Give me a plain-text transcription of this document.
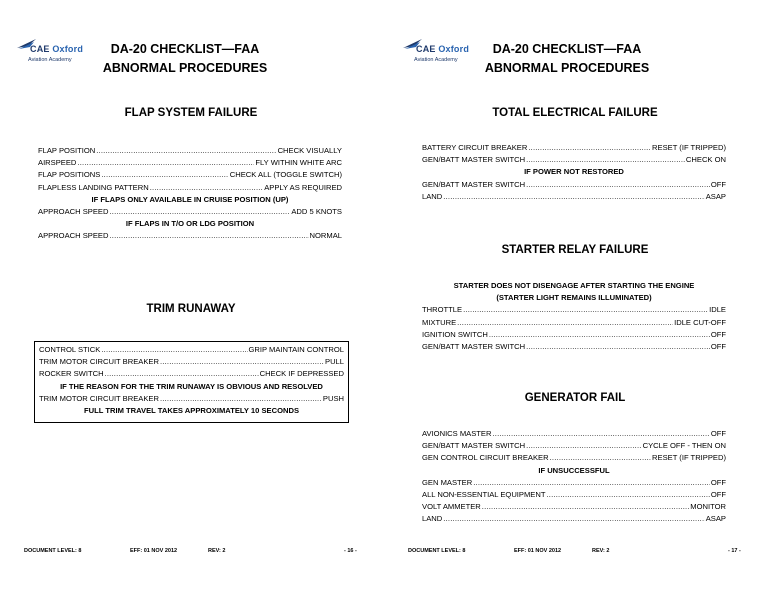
CAE Oxford
Aviation Academy
DA-20 CHECKLIST—FAA
ABNORMAL PROCEDURES
FLAP SYSTEM FAILURE
FLAP POSITION .....	CHECK VISUALLY
AIRSPEED .....	FLY WITHIN WHITE ARC
FLAP POSITIONS .....	CHECK ALL (TOGGLE SWITCH)
FLAPLESS LANDING PATTERN .....	APPLY AS REQUIRED
IF FLAPS ONLY AVAILABLE IN CRUISE POSITION (UP)
APPROACH SPEED .....	ADD 5 KNOTS
IF FLAPS IN T/O OR LDG POSITION
APPROACH SPEED .....	NORMAL
TRIM RUNAWAY
CONTROL STICK .....	GRIP MAINTAIN CONTROL
TRIM MOTOR CIRCUIT BREAKER .....	PULL
ROCKER SWITCH .....	CHECK IF DEPRESSED
IF THE REASON FOR THE TRIM RUNAWAY IS OBVIOUS AND RESOLVED
TRIM MOTOR CIRCUIT BREAKER .....	PUSH
FULL TRIM TRAVEL TAKES APPROXIMATELY 10 SECONDS
DOCUMENT LEVEL: 8	EFF: 01 NOV 2012	REV: 2	- 16 -
CAE Oxford
Aviation Academy
DA-20 CHECKLIST—FAA
ABNORMAL PROCEDURES
TOTAL ELECTRICAL FAILURE
BATTERY CIRCUIT BREAKER .....	RESET (IF TRIPPED)
GEN/BATT MASTER SWITCH .....	CHECK ON
IF POWER NOT RESTORED
GEN/BATT MASTER SWITCH .....	OFF
LAND .....	ASAP
STARTER RELAY FAILURE
STARTER DOES NOT DISENGAGE AFTER STARTING THE ENGINE
(STARTER LIGHT REMAINS ILLUMINATED)
THROTTLE .....	IDLE
MIXTURE .....	IDLE CUT-OFF
IGNITION SWITCH .....	OFF
GEN/BATT MASTER SWITCH .....	OFF
GENERATOR FAIL
AVIONICS MASTER .....	OFF
GEN/BATT MASTER SWITCH .....	CYCLE OFF - THEN ON
GEN CONTROL CIRCUIT BREAKER .....	RESET (IF TRIPPED)
IF UNSUCCESSFUL
GEN MASTER .....	OFF
ALL NON-ESSENTIAL EQUIPMENT .....	OFF
VOLT AMMETER .....	MONITOR
LAND .....	ASAP
DOCUMENT LEVEL: 8	EFF: 01 NOV 2012	REV: 2	- 17 -
